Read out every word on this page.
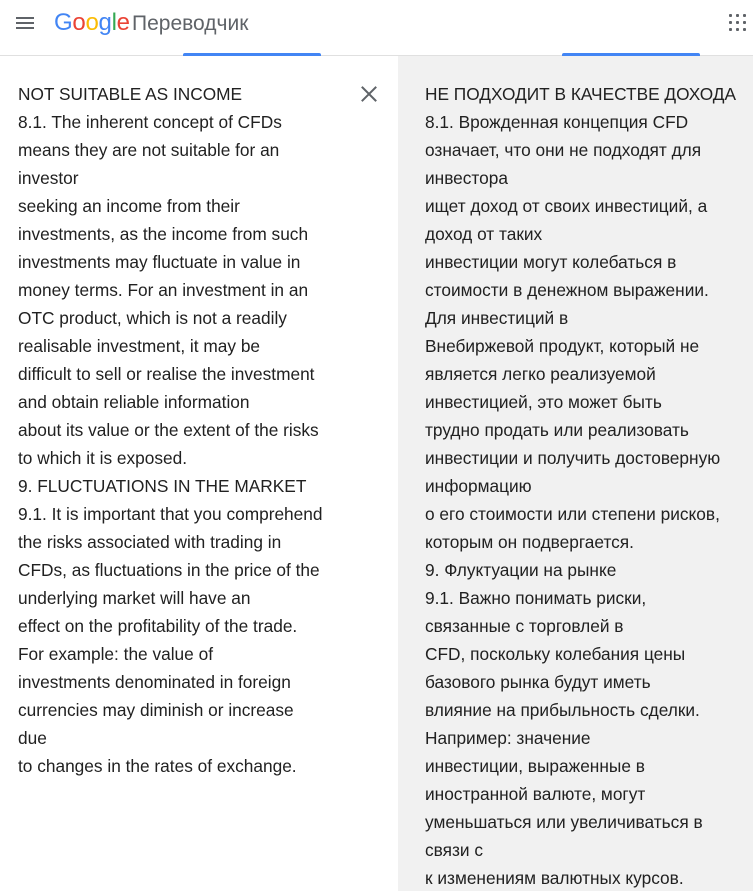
Google Переводчик
NOT SUITABLE AS INCOME
8.1. The inherent concept of CFDs
means they are not suitable for an
investor
seeking an income from their
investments, as the income from such
investments may fluctuate in value in
money terms. For an investment in an
OTC product, which is not a readily
realisable investment, it may be
difficult to sell or realise the investment
and obtain reliable information
about its value or the extent of the risks
to which it is exposed.
9. FLUCTUATIONS IN THE MARKET
9.1. It is important that you comprehend
the risks associated with trading in
CFDs, as fluctuations in the price of the
underlying market will have an
effect on the profitability of the trade.
For example: the value of
investments denominated in foreign
currencies may diminish or increase
due
to changes in the rates of exchange.
НЕ ПОДХОДИТ В КАЧЕСТВЕ ДОХОДА
8.1. Врожденная концепция CFD
означает, что они не подходят для
инвестора
ищет доход от своих инвестиций, а
доход от таких
инвестиции могут колебаться в
стоимости в денежном выражении.
Для инвестиций в
Внебиржевой продукт, который не
является легко реализуемой
инвестицией, это может быть
трудно продать или реализовать
инвестиции и получить достоверную
информацию
о его стоимости или степени рисков,
которым он подвергается.
9. Флуктуации на рынке
9.1. Важно понимать риски,
связанные с торговлей в
CFD, поскольку колебания цены
базового рынка будут иметь
влияние на прибыльность сделки.
Например: значение
инвестиции, выраженные в
иностранной валюте, могут
уменьшаться или увеличиваться в
связи с
к изменениям валютных курсов.
